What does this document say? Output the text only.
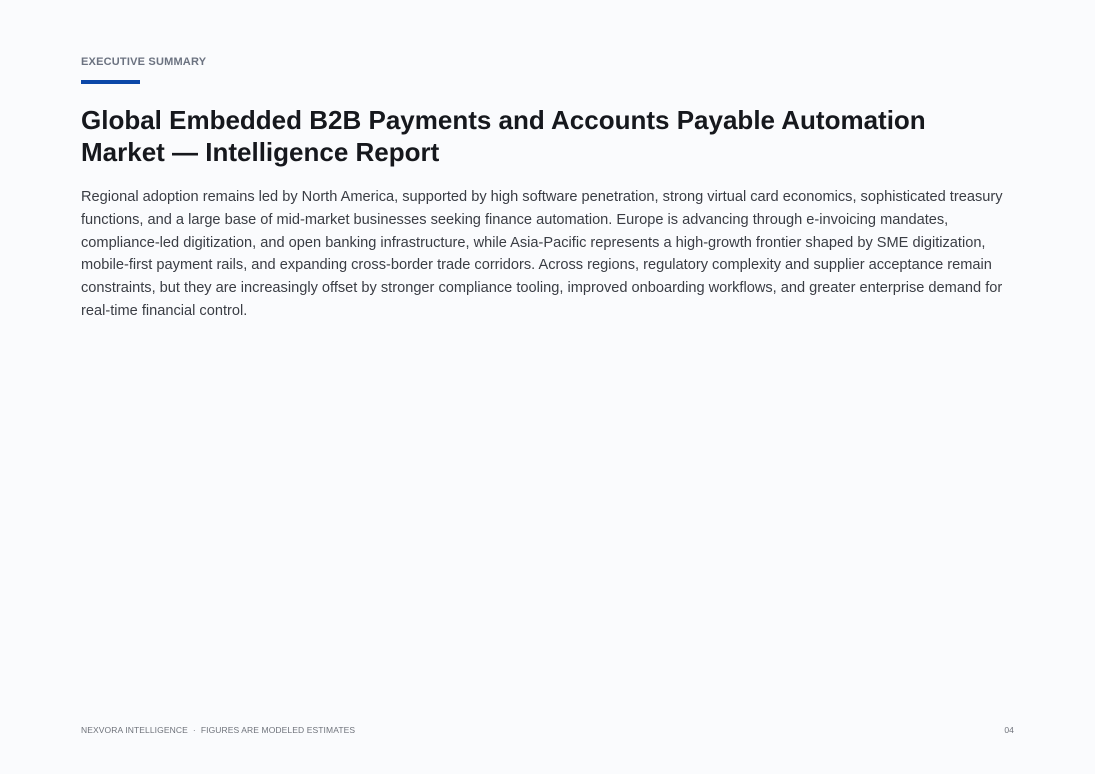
EXECUTIVE SUMMARY
Global Embedded B2B Payments and Accounts Payable Automation Market — Intelligence Report

Regional adoption remains led by North America, supported by high software penetration, strong virtual card economics, sophisticated treasury functions, and a large base of mid-market businesses seeking finance automation. Europe is advancing through e-invoicing mandates, compliance-led digitization, and open banking infrastructure, while Asia-Pacific represents a high-growth frontier shaped by SME digitization, mobile-first payment rails, and expanding cross-border trade corridors. Across regions, regulatory complexity and supplier acceptance remain constraints, but they are increasingly offset by stronger compliance tooling, improved onboarding workflows, and greater enterprise demand for real-time financial control.

NEXVORA INTELLIGENCE · FIGURES ARE MODELED ESTIMATES	04
